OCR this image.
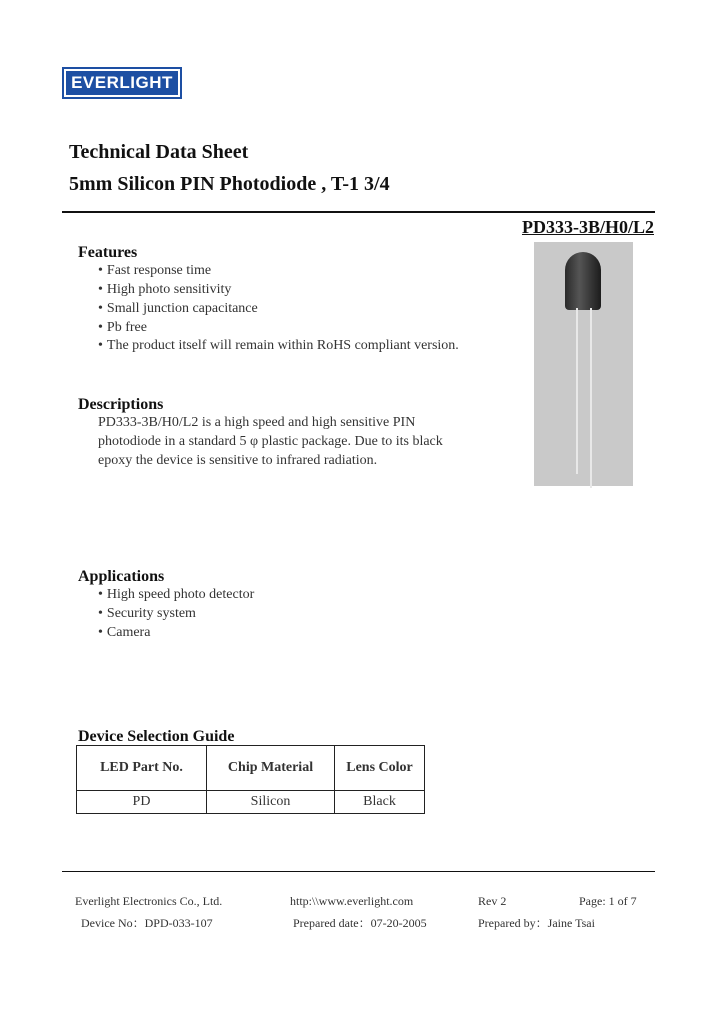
EVERLIGHT
Technical Data Sheet
5mm Silicon PIN Photodiode , T-1 3/4
PD333-3B/H0/L2
Features
• Fast response time
• High photo sensitivity
• Small junction capacitance
• Pb free
• The product itself will remain within RoHS compliant version.
Descriptions
PD333-3B/H0/L2 is a high speed and high sensitive PIN
photodiode in a standard 5 φ plastic package. Due to its black
epoxy the device is sensitive to infrared radiation.
Applications
• High speed photo detector
• Security system
• Camera
Device Selection Guide
LED Part No.	Chip Material	Lens Color
PD	Silicon	Black
Everlight Electronics Co., Ltd.	http:\\www.everlight.com	Rev 2	Page: 1 of 7
Device No：DPD-033-107	Prepared date：07-20-2005	Prepared by：Jaine Tsai
